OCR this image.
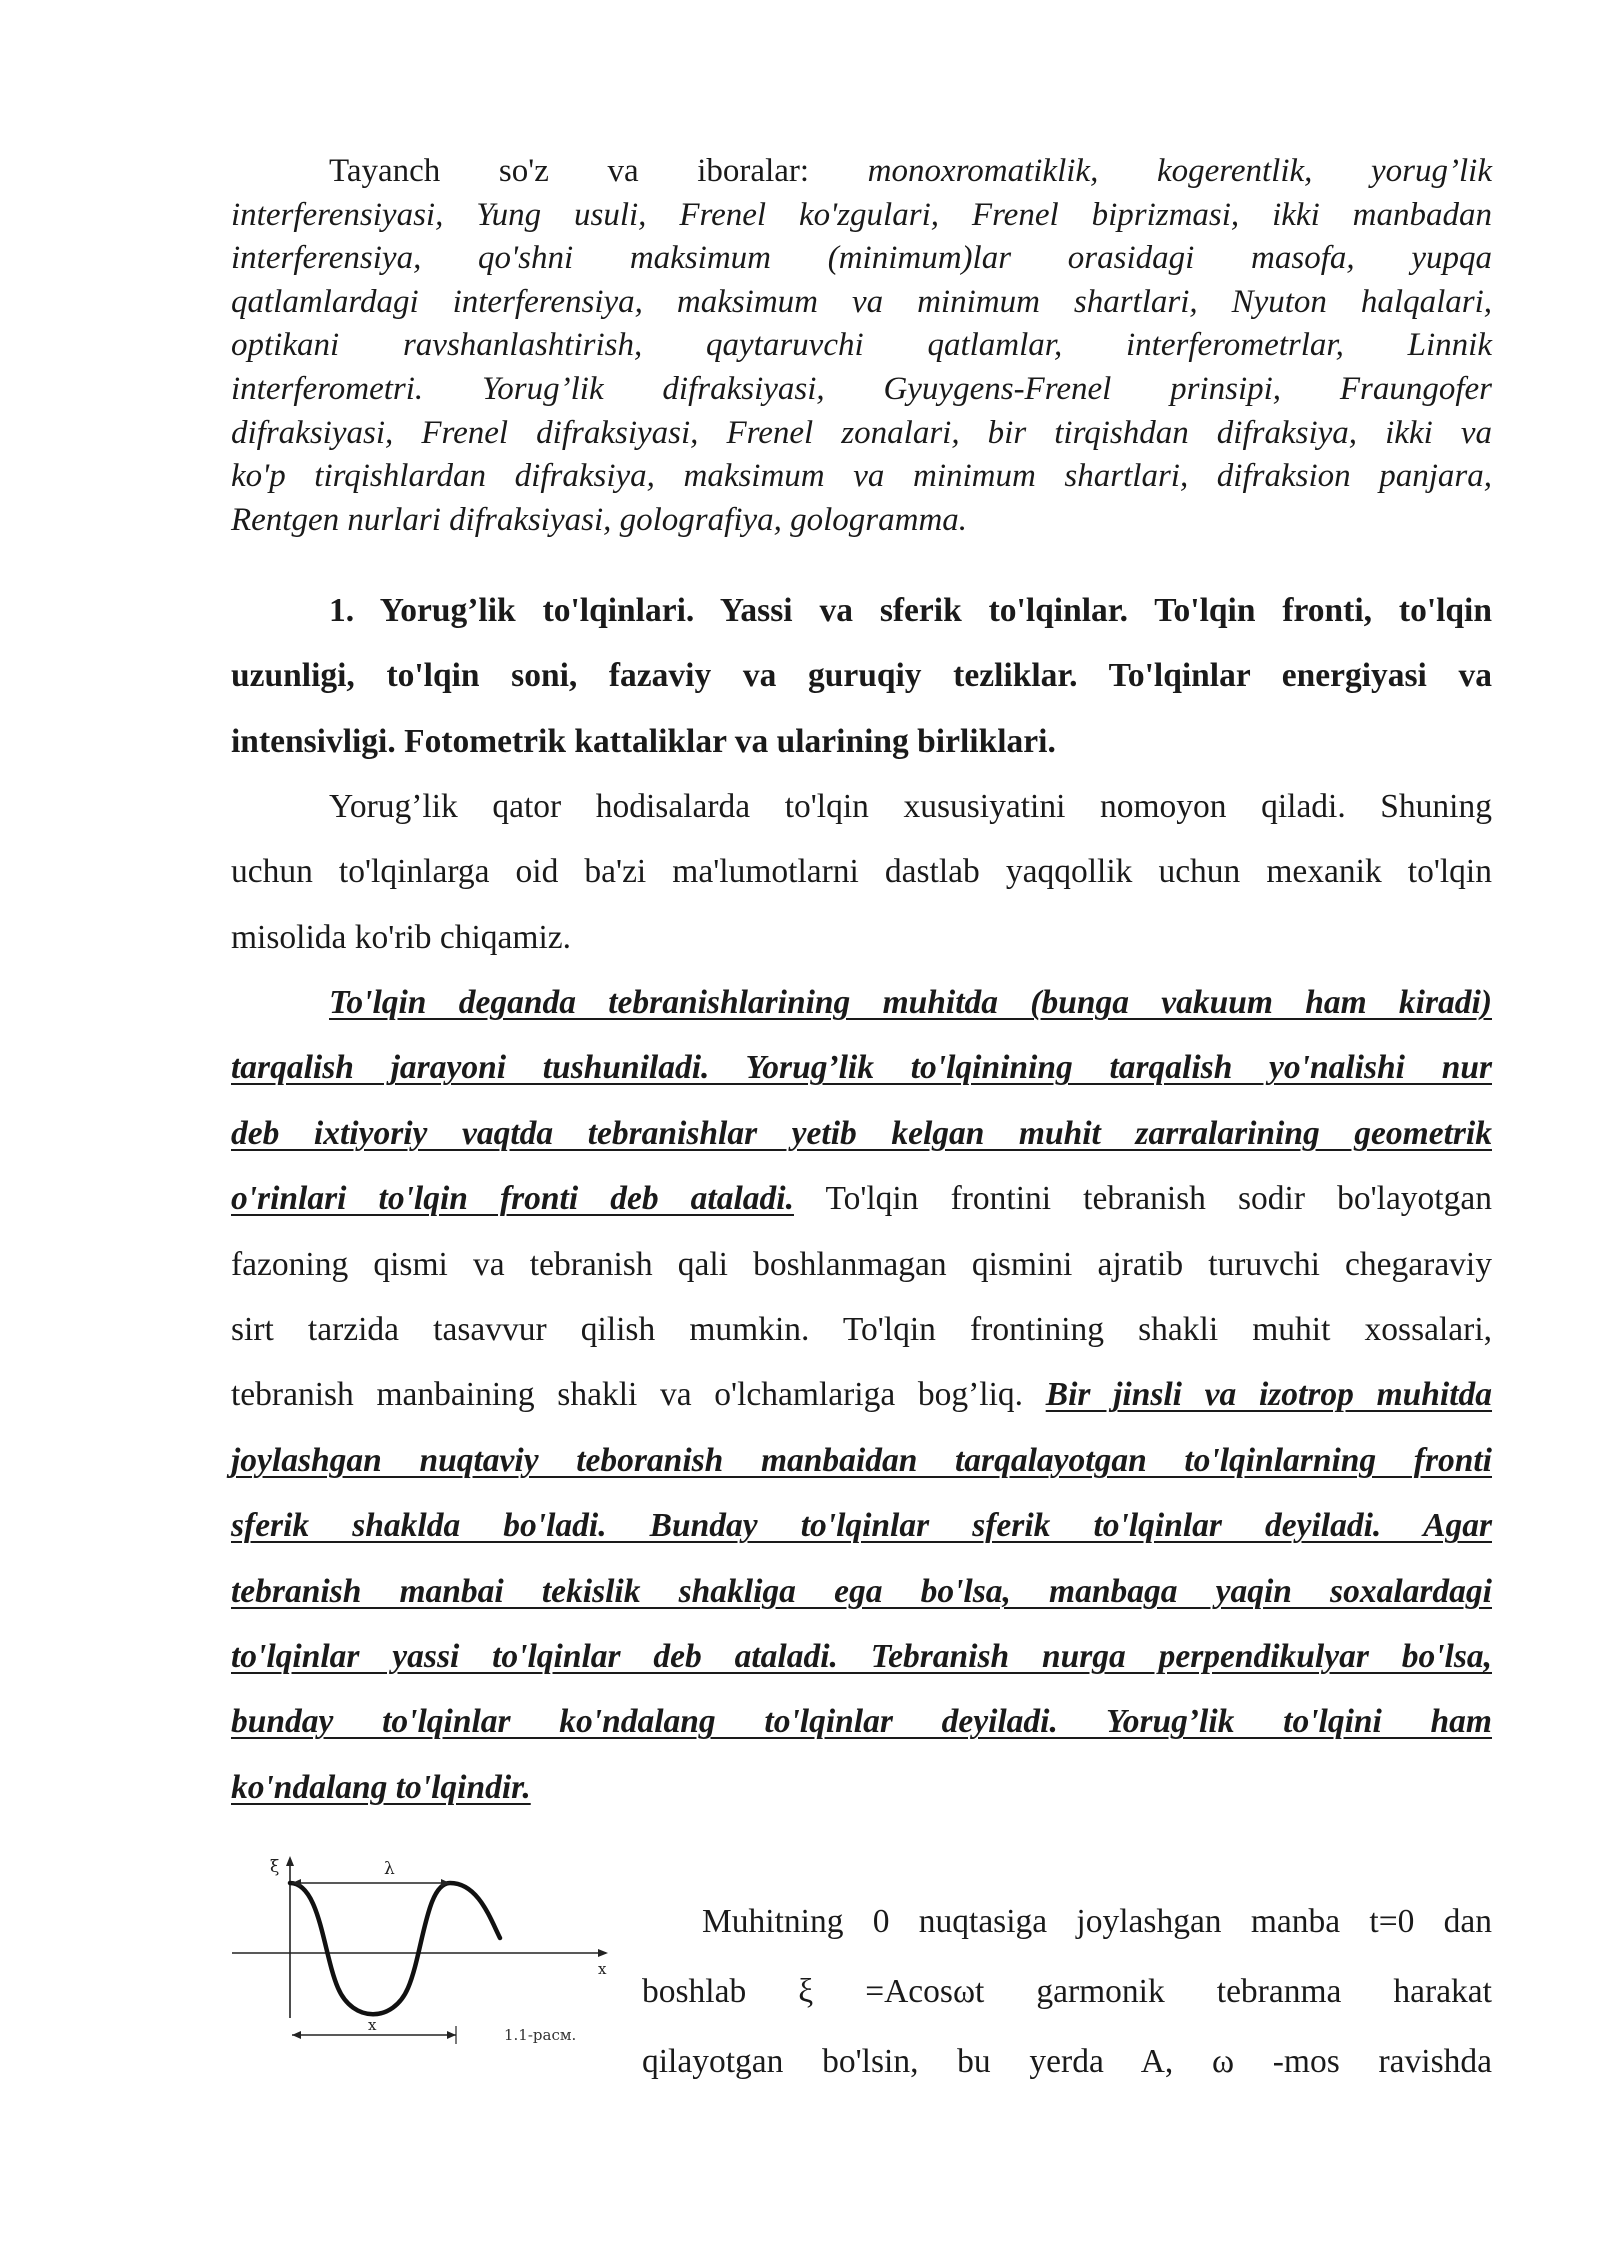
Tayanch so'z va iboralar: monoxromatiklik, kogerentlik, yorug’lik
interferensiyasi, Yung usuli, Frenel ko'zgulari, Frenel biprizmasi, ikki manbadan
interferensiya, qo'shni maksimum (minimum)lar orasidagi masofa, yupqa
qatlamlardagi interferensiya, maksimum va minimum shartlari, Nyuton halqalari,
optikani ravshanlashtirish, qaytaruvchi qatlamlar, interferometrlar, Linnik
interferometri. Yorug’lik difraksiyasi, Gyuygens-Frenel prinsipi, Fraungofer
difraksiyasi, Frenel difraksiyasi, Frenel zonalari, bir tirqishdan difraksiya, ikki va
ko'p tirqishlardan difraksiya, maksimum va minimum shartlari, difraksion panjara,
Rentgen nurlari difraksiyasi, golografiya, gologramma.

1. Yorug’lik to'lqinlari. Yassi va sferik to'lqinlar. To'lqin fronti, to'lqin
uzunligi, to'lqin soni, fazaviy va guruqiy tezliklar. To'lqinlar energiyasi va
intensivligi. Fotometrik kattaliklar va ularining birliklari.

Yorug’lik qator hodisalarda to'lqin xususiyatini nomoyon qiladi. Shuning
uchun to'lqinlarga oid ba'zi ma'lumotlarni dastlab yaqqollik uchun mexanik to'lqin
misolida ko'rib chiqamiz.

To'lqin deganda tebranishlarining muhitda (bunga vakuum ham kiradi)
tarqalish jarayoni tushuniladi. Yorug’lik to'lqinining tarqalish yo'nalishi nur
deb ixtiyoriy vaqtda tebranishlar yetib kelgan muhit zarralarining geometrik
o'rinlari to'lqin fronti deb ataladi. To'lqin frontini tebranish sodir bo'layotgan
fazoning qismi va tebranish qali boshlanmagan qismini ajratib turuvchi chegaraviy
sirt tarzida tasavvur qilish mumkin. To'lqin frontining shakli muhit xossalari,
tebranish manbaining shakli va o'lchamlariga bog’liq. Bir jinsli va izotrop muhitda
joylashgan nuqtaviy teboranish manbaidan tarqalayotgan to'lqinlarning fronti
sferik shaklda bo'ladi. Bunday to'lqinlar sferik to'lqinlar deyiladi. Agar
tebranish manbai tekislik shakliga ega bo'lsa, manbaga yaqin soxalardagi
to'lqinlar yassi to'lqinlar deb ataladi. Tebranish nurga perpendikulyar bo'lsa,
bunday to'lqinlar ko'ndalang to'lqinlar deyiladi. Yorug’lik to'lqini ham
ko'ndalang to'lqindir.

ξ
x
λ
x
1.1-рacм.

Muhitning 0 nuqtasiga joylashgan manba t=0 dan
boshlab ξ =Acosωt garmonik tebranma harakat
qilayotgan bo'lsin, bu yerda A, ω -mos ravishda
